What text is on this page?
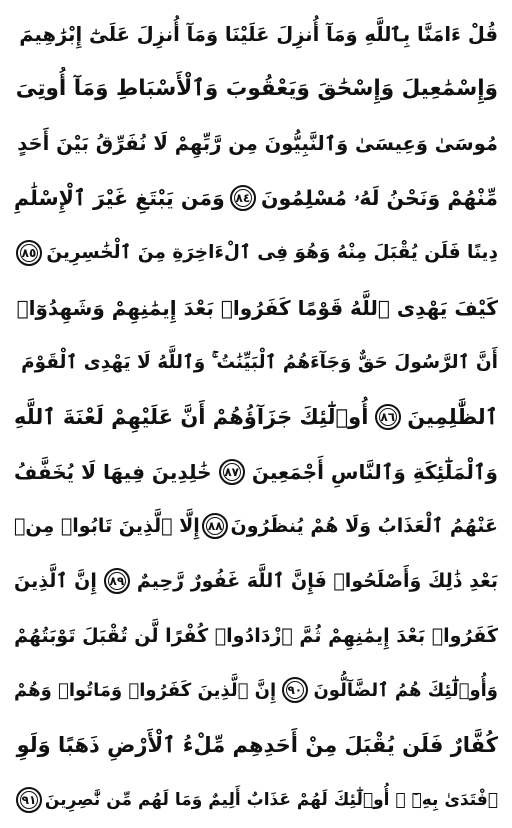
قُلْ ءَامَنَّا بِٱللَّهِ وَمَآ أُنزِلَ عَلَيْنَا وَمَآ أُنزِلَ عَلَىٰٓ إِبْرَٰهِيمَ
وَإِسْمَٰعِيلَ وَإِسْحَٰقَ وَيَعْقُوبَ وَٱلْأَسْبَاطِ وَمَآ أُوتِىَ
مُوسَىٰ وَعِيسَىٰ وَٱلنَّبِيُّونَ مِن رَّبِّهِمْ لَا نُفَرِّقُ بَيْنَ أَحَدٍ
مِّنْهُمْ وَنَحْنُ لَهُۥ مُسْلِمُونَ
٨٤
وَمَن يَبْتَغِ غَيْرَ ٱلْإِسْلَٰمِ
دِينًا فَلَن يُقْبَلَ مِنْهُ وَهُوَ فِى ٱلْءَاخِرَةِ مِنَ ٱلْخَٰسِرِينَ
٨٥
كَيْفَ يَهْدِى ٱللَّهُ قَوْمًا كَفَرُوا۟ بَعْدَ إِيمَٰنِهِمْ وَشَهِدُوٓا۟
أَنَّ ٱلرَّسُولَ حَقٌّ وَجَآءَهُمُ ٱلْبَيِّنَٰتُ ۚ وَٱللَّهُ لَا يَهْدِى ٱلْقَوْمَ
ٱلظَّٰلِمِينَ
٨٦
أُو۟لَٰٓئِكَ جَزَآؤُهُمْ أَنَّ عَلَيْهِمْ لَعْنَةَ ٱللَّهِ
وَٱلْمَلَٰٓئِكَةِ وَٱلنَّاسِ أَجْمَعِينَ
٨٧
خَٰلِدِينَ فِيهَا لَا يُخَفَّفُ
عَنْهُمُ ٱلْعَذَابُ وَلَا هُمْ يُنظَرُونَ
٨٨
إِلَّا ٱلَّذِينَ تَابُوا۟ مِنۢ
بَعْدِ ذَٰلِكَ وَأَصْلَحُوا۟ فَإِنَّ ٱللَّهَ غَفُورٌ رَّحِيمٌ
٨٩
إِنَّ ٱلَّذِينَ
كَفَرُوا۟ بَعْدَ إِيمَٰنِهِمْ ثُمَّ ٱزْدَادُوا۟ كُفْرًا لَّن تُقْبَلَ تَوْبَتُهُمْ
وَأُو۟لَٰٓئِكَ هُمُ ٱلضَّآلُّونَ
٩٠
إِنَّ ٱلَّذِينَ كَفَرُوا۟ وَمَاتُوا۟ وَهُمْ
كُفَّارٌ فَلَن يُقْبَلَ مِنْ أَحَدِهِم مِّلْءُ ٱلْأَرْضِ ذَهَبًا وَلَوِ
ٱفْتَدَىٰ بِهِۦٓ ۗ أُو۟لَٰٓئِكَ لَهُمْ عَذَابٌ أَلِيمٌ وَمَا لَهُم مِّن نَّٰصِرِينَ
٩١
